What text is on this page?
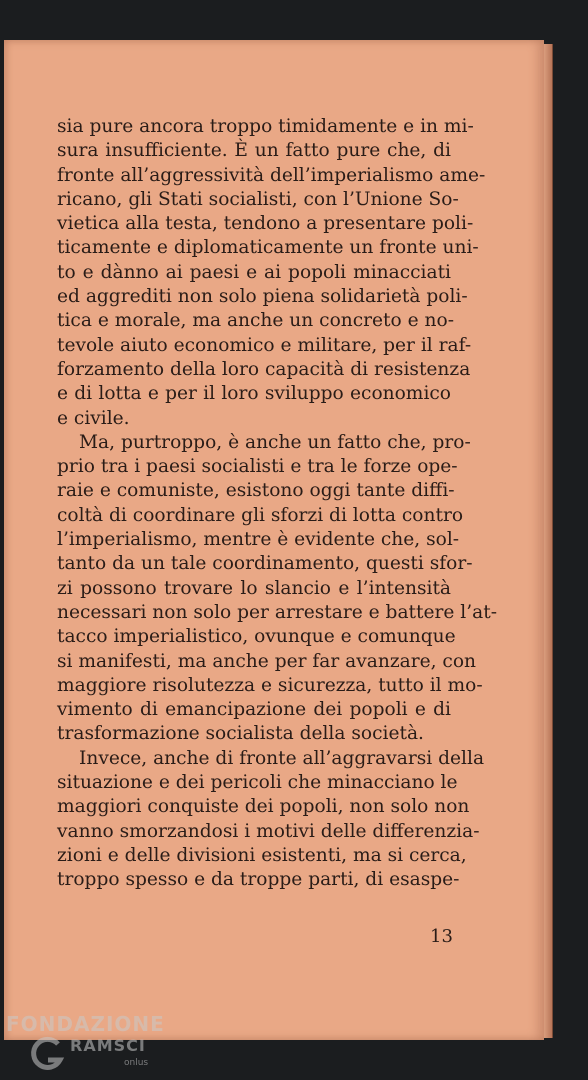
sia pure ancora troppo timidamente e in mi-
sura insufficiente. È un fatto pure che, di
fronte all’aggressività dell’imperialismo ame-
ricano, gli Stati socialisti, con l’Unione So-
vietica alla testa, tendono a presentare poli-
ticamente e diplomaticamente un fronte uni-
to e dànno ai paesi e ai popoli minacciati
ed aggrediti non solo piena solidarietà poli-
tica e morale, ma anche un concreto e no-
tevole aiuto economico e militare, per il raf-
forzamento della loro capacità di resistenza
e di lotta e per il loro sviluppo economico
e civile.
Ma, purtroppo, è anche un fatto che, pro-
prio tra i paesi socialisti e tra le forze ope-
raie e comuniste, esistono oggi tante diffi-
coltà di coordinare gli sforzi di lotta contro
l’imperialismo, mentre è evidente che, sol-
tanto da un tale coordinamento, questi sfor-
zi possono trovare lo slancio e l’intensità
necessari non solo per arrestare e battere l’at-
tacco imperialistico, ovunque e comunque
si manifesti, ma anche per far avanzare, con
maggiore risolutezza e sicurezza, tutto il mo-
vimento di emancipazione dei popoli e di
trasformazione socialista della società.
Invece, anche di fronte all’aggravarsi della
situazione e dei pericoli che minacciano le
maggiori conquiste dei popoli, non solo non
vanno smorzandosi i motivi delle differenzia-
zioni e delle divisioni esistenti, ma si cerca,
troppo spesso e da troppe parti, di esaspe-
13
FONDAZIONE
RAMSCI
onlus
